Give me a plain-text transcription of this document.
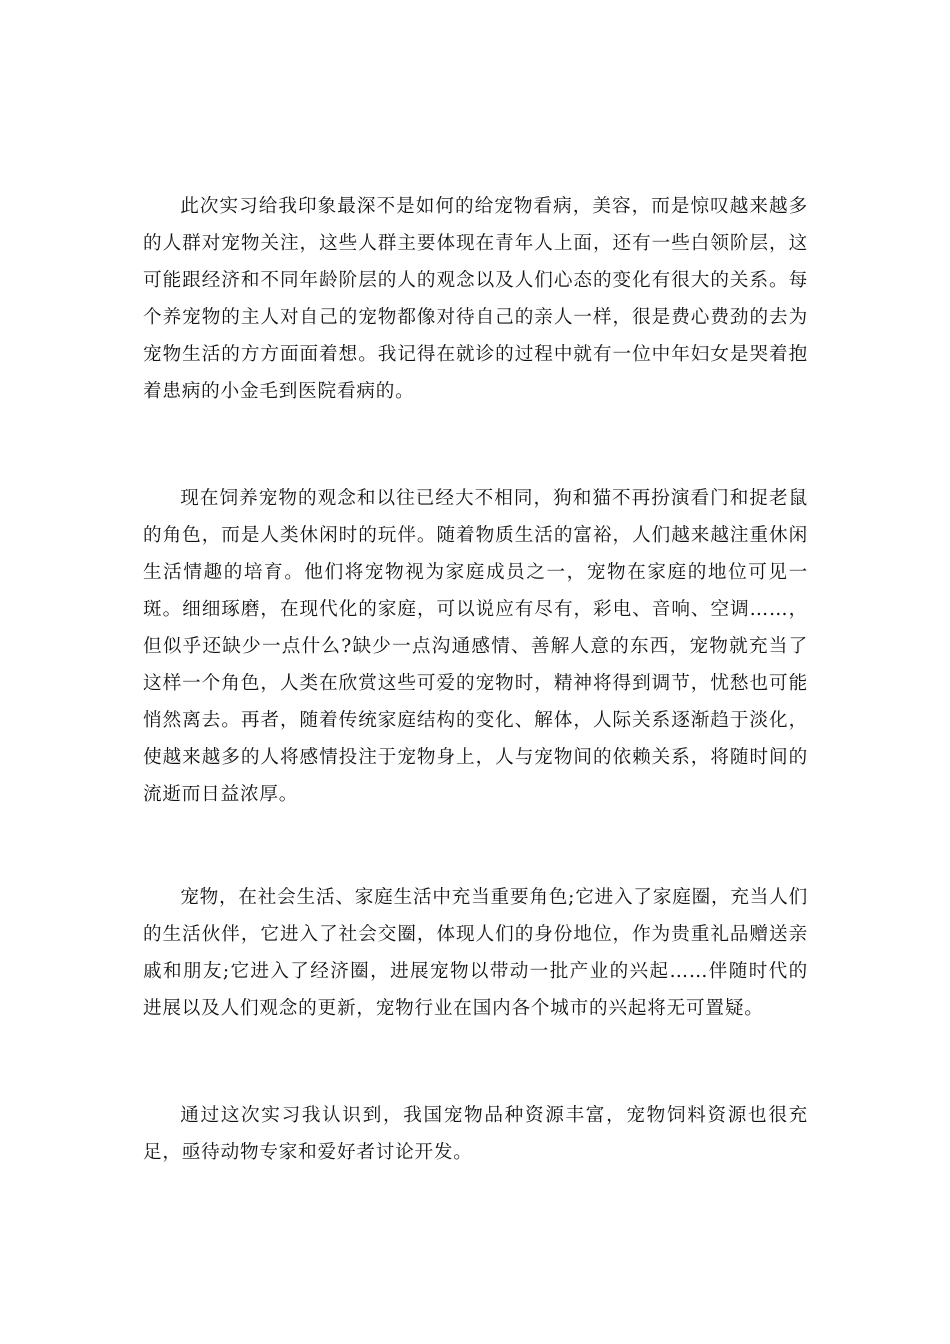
此次实习给我印象最深不是如何的给宠物看病，美容，而是惊叹越来越多的人群对宠物关注，这些人群主要体现在青年人上面，还有一些白领阶层，这可能跟经济和不同年龄阶层的人的观念以及人们心态的变化有很大的关系。每个养宠物的主人对自己的宠物都像对待自己的亲人一样，很是费心费劲的去为宠物生活的方方面面着想。我记得在就诊的过程中就有一位中年妇女是哭着抱着患病的小金毛到医院看病的。

现在饲养宠物的观念和以往已经大不相同，狗和猫不再扮演看门和捉老鼠的角色，而是人类休闲时的玩伴。随着物质生活的富裕，人们越来越注重休闲生活情趣的培育。他们将宠物视为家庭成员之一，宠物在家庭的地位可见一斑。细细琢磨，在现代化的家庭，可以说应有尽有，彩电、音响、空调……，但似乎还缺少一点什么?缺少一点沟通感情、善解人意的东西，宠物就充当了这样一个角色，人类在欣赏这些可爱的宠物时，精神将得到调节，忧愁也可能悄然离去。再者，随着传统家庭结构的变化、解体，人际关系逐渐趋于淡化，使越来越多的人将感情投注于宠物身上，人与宠物间的依赖关系，将随时间的流逝而日益浓厚。

宠物，在社会生活、家庭生活中充当重要角色;它进入了家庭圈，充当人们的生活伙伴，它进入了社会交圈，体现人们的身份地位，作为贵重礼品赠送亲戚和朋友;它进入了经济圈，进展宠物以带动一批产业的兴起……伴随时代的进展以及人们观念的更新，宠物行业在国内各个城市的兴起将无可置疑。

通过这次实习我认识到，我国宠物品种资源丰富，宠物饲料资源也很充足，亟待动物专家和爱好者讨论开发。
